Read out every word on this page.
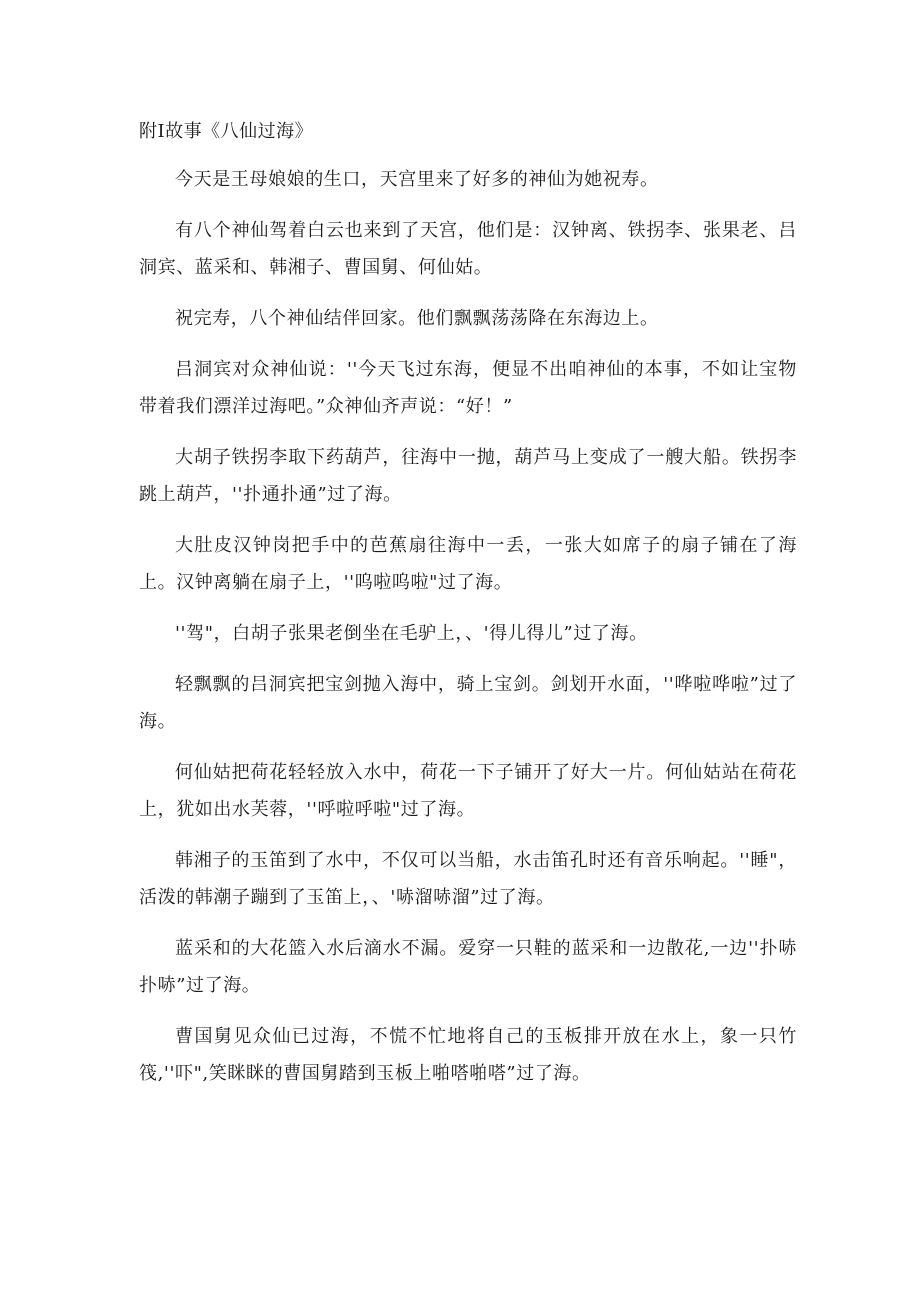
附I故事《八仙过海》

今天是王母娘娘的生口，天宫里来了好多的神仙为她祝寿。

有八个神仙驾着白云也来到了天宫，他们是：汉钟离、铁拐李、张果老、吕洞宾、蓝采和、韩湘子、曹国舅、何仙姑。

祝完寿，八个神仙结伴回家。他们飘飘荡荡降在东海边上。

吕洞宾对众神仙说：''今天飞过东海，便显不出咱神仙的本事，不如让宝物带着我们漂洋过海吧。”众神仙齐声说：“好！”

大胡子铁拐李取下药葫芦，往海中一抛，葫芦马上变成了一艘大船。铁拐李跳上葫芦，''扑通扑通”过了海。

大肚皮汉钟岗把手中的芭蕉扇往海中一丢，一张大如席子的扇子铺在了海上。汉钟离躺在扇子上，''呜啦呜啦"过了海。

''驾"，白胡子张果老倒坐在毛驴上，、'得儿得儿”过了海。

轻飘飘的吕洞宾把宝剑抛入海中，骑上宝剑。剑划开水面，''哗啦哗啦”过了海。

何仙姑把荷花轻轻放入水中，荷花一下子铺开了好大一片。何仙姑站在荷花上，犹如出水芙蓉，''呼啦呼啦"过了海。

韩湘子的玉笛到了水中，不仅可以当船，水击笛孔时还有音乐响起。''睡"，活泼的韩潮子蹦到了玉笛上，、'哧溜哧溜”过了海。

蓝采和的大花篮入水后滴水不漏。爱穿一只鞋的蓝采和一边散花,一边''扑哧扑哧”过了海。

曹国舅见众仙已过海，不慌不忙地将自己的玉板排开放在水上，象一只竹筏,''吓",笑眯眯的曹国舅踏到玉板上啪嗒啪嗒”过了海。
